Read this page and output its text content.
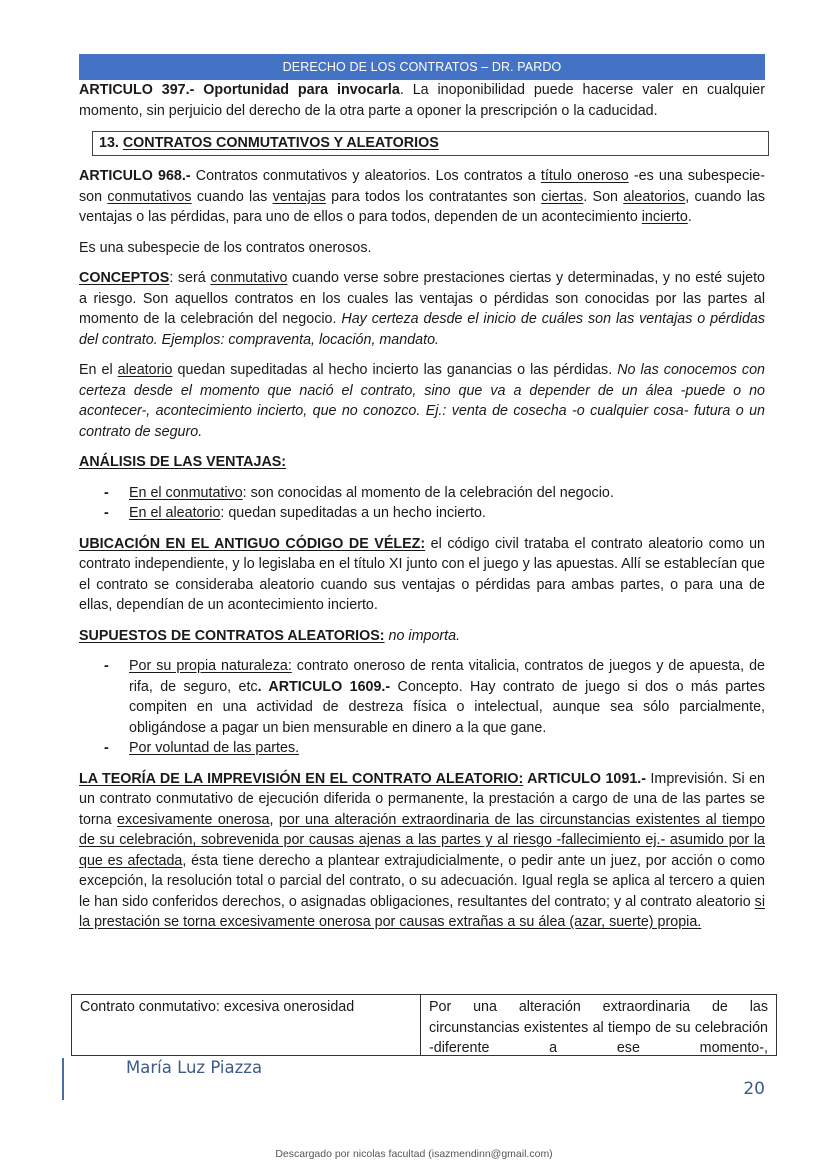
DERECHO DE LOS CONTRATOS – DR. PARDO

ARTICULO 397.- Oportunidad para invocarla. La inoponibilidad puede hacerse valer en cualquier momento, sin perjuicio del derecho de la otra parte a oponer la prescripción o la caducidad.

13. CONTRATOS CONMUTATIVOS Y ALEATORIOS

ARTICULO 968.- Contratos conmutativos y aleatorios. Los contratos a título oneroso -es una subespecie- son conmutativos cuando las ventajas para todos los contratantes son ciertas. Son aleatorios, cuando las ventajas o las pérdidas, para uno de ellos o para todos, dependen de un acontecimiento incierto.

Es una subespecie de los contratos onerosos.

CONCEPTOS: será conmutativo cuando verse sobre prestaciones ciertas y determinadas, y no esté sujeto a riesgo. Son aquellos contratos en los cuales las ventajas o pérdidas son conocidas por las partes al momento de la celebración del negocio. Hay certeza desde el inicio de cuáles son las ventajas o pérdidas del contrato. Ejemplos: compraventa, locación, mandato.

En el aleatorio quedan supeditadas al hecho incierto las ganancias o las pérdidas. No las conocemos con certeza desde el momento que nació el contrato, sino que va a depender de un álea -puede o no acontecer-, acontecimiento incierto, que no conozco. Ej.: venta de cosecha -o cualquier cosa- futura o un contrato de seguro.

ANÁLISIS DE LAS VENTAJAS:

- En el conmutativo: son conocidas al momento de la celebración del negocio.
- En el aleatorio: quedan supeditadas a un hecho incierto.

UBICACIÓN EN EL ANTIGUO CÓDIGO DE VÉLEZ: el código civil trataba el contrato aleatorio como un contrato independiente, y lo legislaba en el título XI junto con el juego y las apuestas. Allí se establecían que el contrato se consideraba aleatorio cuando sus ventajas o pérdidas para ambas partes, o para una de ellas, dependían de un acontecimiento incierto.

SUPUESTOS DE CONTRATOS ALEATORIOS: no importa.

- Por su propia naturaleza: contrato oneroso de renta vitalicia, contratos de juegos y de apuesta, de rifa, de seguro, etc. ARTICULO 1609.- Concepto. Hay contrato de juego si dos o más partes compiten en una actividad de destreza física o intelectual, aunque sea sólo parcialmente, obligándose a pagar un bien mensurable en dinero a la que gane.
- Por voluntad de las partes.

LA TEORÍA DE LA IMPREVISIÓN EN EL CONTRATO ALEATORIO: ARTICULO 1091.- Imprevisión. Si en un contrato conmutativo de ejecución diferida o permanente, la prestación a cargo de una de las partes se torna excesivamente onerosa, por una alteración extraordinaria de las circunstancias existentes al tiempo de su celebración, sobrevenida por causas ajenas a las partes y al riesgo -fallecimiento ej.- asumido por la que es afectada, ésta tiene derecho a plantear extrajudicialmente, o pedir ante un juez, por acción o como excepción, la resolución total o parcial del contrato, o su adecuación. Igual regla se aplica al tercero a quien le han sido conferidos derechos, o asignadas obligaciones, resultantes del contrato; y al contrato aleatorio si la prestación se torna excesivamente onerosa por causas extrañas a su álea (azar, suerte) propia.

Contrato conmutativo: excesiva onerosidad	Por una alteración extraordinaria de las circunstancias existentes al tiempo de su celebración -diferente a ese momento-,
María Luz Piazza
20
Descargado por nicolas facultad (isazmendinn@gmail.com)
